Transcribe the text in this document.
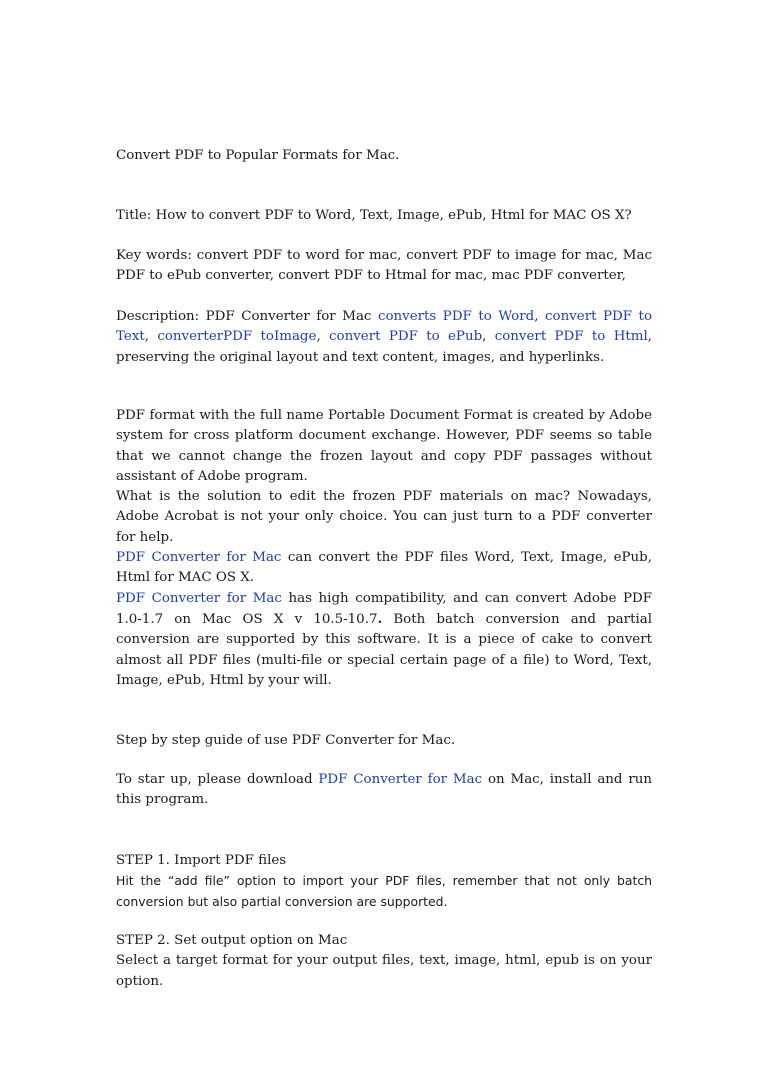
Convert PDF to Popular Formats for Mac.

Title: How to convert PDF to Word, Text, Image, ePub, Html for MAC OS X?

Key words: convert PDF to word for mac, convert PDF to image for mac, Mac PDF to ePub converter, convert PDF to Htmal for mac, mac PDF converter,

Description: PDF Converter for Mac converts PDF to Word, convert PDF to Text, converterPDF toImage, convert PDF to ePub, convert PDF to Html, preserving the original layout and text content, images, and hyperlinks.

PDF format with the full name Portable Document Format is created by Adobe system for cross platform document exchange. However, PDF seems so table that we cannot change the frozen layout and copy PDF passages without assistant of Adobe program.

What is the solution to edit the frozen PDF materials on mac? Nowadays, Adobe Acrobat is not your only choice. You can just turn to a PDF converter for help.

PDF Converter for Mac can convert the PDF files Word, Text, Image, ePub, Html for MAC OS X.

PDF Converter for Mac has high compatibility, and can convert Adobe PDF 1.0-1.7 on Mac OS X v 10.5-10.7. Both batch conversion and partial conversion are supported by this software. It is a piece of cake to convert almost all PDF files (multi-file or special certain page of a file) to Word, Text, Image, ePub, Html by your will.

Step by step guide of use PDF Converter for Mac.

To star up, please download PDF Converter for Mac on Mac, install and run this program.

STEP 1. Import PDF files

Hit the “add file” option to import your PDF files, remember that not only batch conversion but also partial conversion are supported.

STEP 2. Set output option on Mac

Select a target format for your output files, text, image, html, epub is on your option.
